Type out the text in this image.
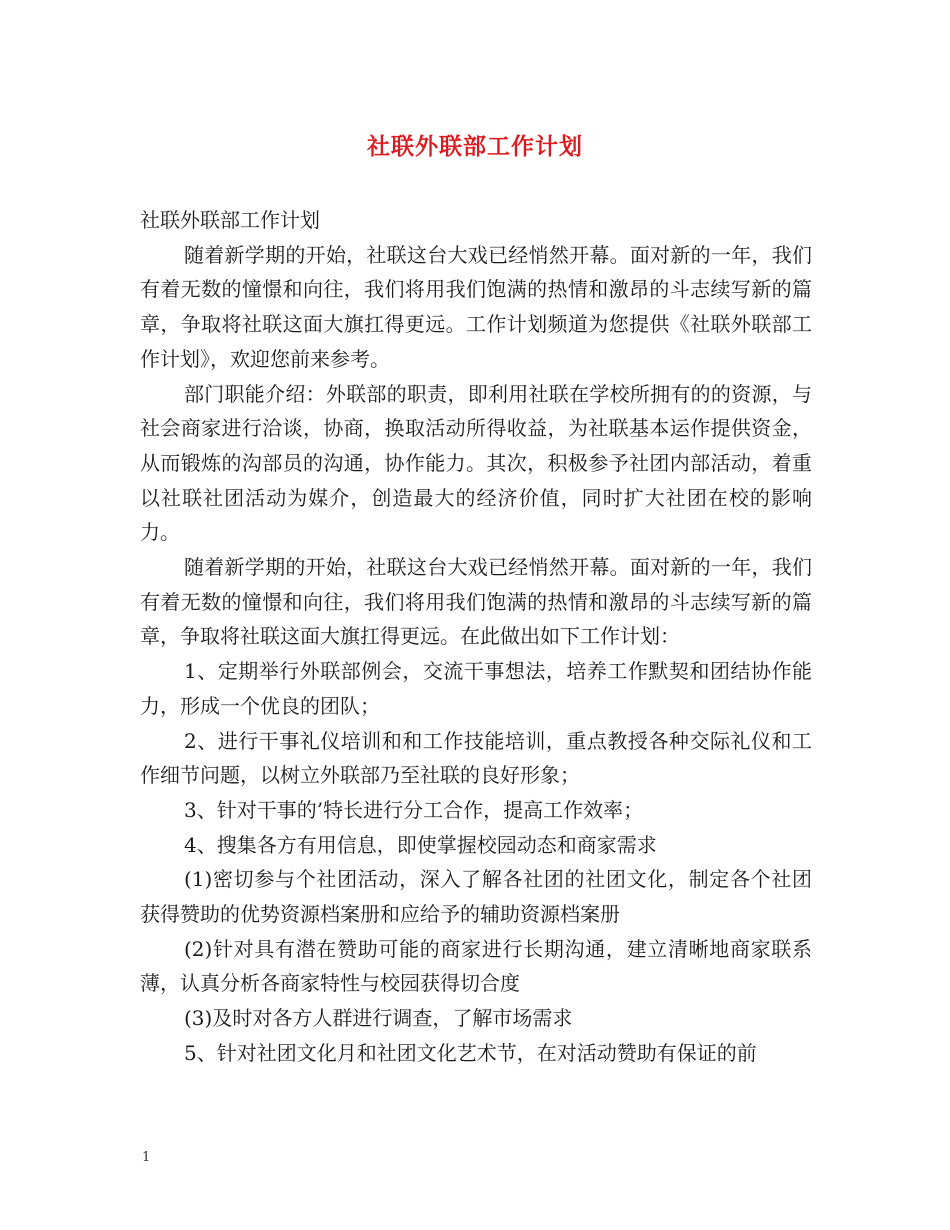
社联外联部工作计划

社联外联部工作计划

随着新学期的开始，社联这台大戏已经悄然开幕。面对新的一年，我们有着无数的憧憬和向往，我们将用我们饱满的热情和激昂的斗志续写新的篇章，争取将社联这面大旗扛得更远。工作计划频道为您提供《社联外联部工作计划》，欢迎您前来参考。

部门职能介绍：外联部的职责，即利用社联在学校所拥有的的资源，与社会商家进行洽谈，协商，换取活动所得收益，为社联基本运作提供资金，从而锻炼的沟部员的沟通，协作能力。其次，积极参予社团内部活动，着重以社联社团活动为媒介，创造最大的经济价值，同时扩大社团在校的影响力。

随着新学期的开始，社联这台大戏已经悄然开幕。面对新的一年，我们有着无数的憧憬和向往，我们将用我们饱满的热情和激昂的斗志续写新的篇章，争取将社联这面大旗扛得更远。在此做出如下工作计划：

1、定期举行外联部例会，交流干事想法，培养工作默契和团结协作能力，形成一个优良的团队；

2、进行干事礼仪培训和和工作技能培训，重点教授各种交际礼仪和工作细节问题，以树立外联部乃至社联的良好形象；

3、针对干事的’特长进行分工合作，提高工作效率；

4、搜集各方有用信息，即使掌握校园动态和商家需求

(1)密切参与个社团活动，深入了解各社团的社团文化，制定各个社团获得赞助的优势资源档案册和应给予的辅助资源档案册

(2)针对具有潜在赞助可能的商家进行长期沟通，建立清晰地商家联系薄，认真分析各商家特性与校园获得切合度

(3)及时对各方人群进行调查，了解市场需求

5、针对社团文化月和社团文化艺术节，在对活动赞助有保证的前

1
